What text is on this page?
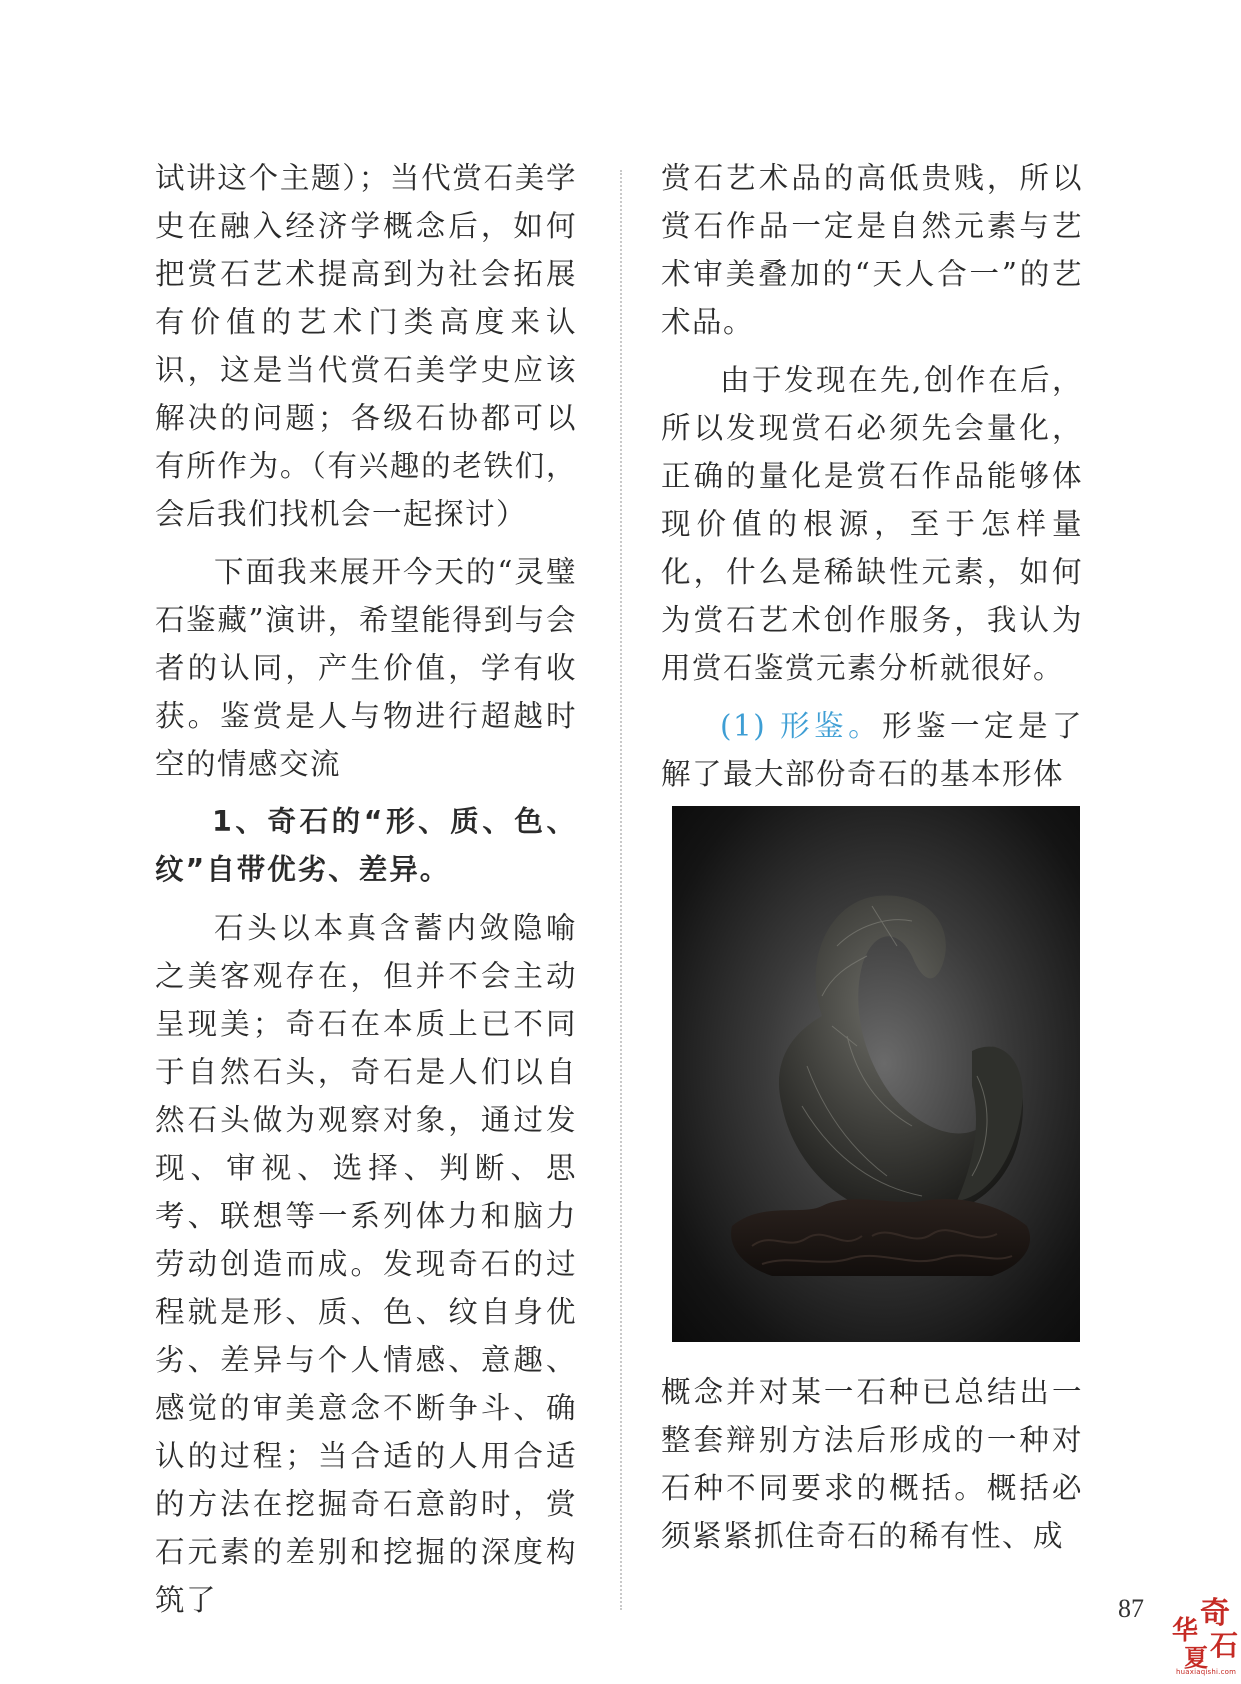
试讲这个主题）；当代赏石美学史在融入经济学概念后，如何把赏石艺术提高到为社会拓展有价值的艺术门类高度来认识，这是当代赏石美学史应该解决的问题；各级石协都可以有所作为。（有兴趣的老铁们，会后我们找机会一起探讨）

下面我来展开今天的“灵璧石鉴藏”演讲，希望能得到与会者的认同，产生价值，学有收获。鉴赏是人与物进行超越时空的情感交流

1、奇石的“形、质、色、纹”自带优劣、差异。

石头以本真含蓄内敛隐喻之美客观存在，但并不会主动呈现美；奇石在本质上已不同于自然石头，奇石是人们以自然石头做为观察对象，通过发现、审视、选择、判断、思考、联想等一系列体力和脑力劳动创造而成。发现奇石的过程就是形、质、色、纹自身优劣、差异与个人情感、意趣、感觉的审美意念不断争斗、确认的过程；当合适的人用合适的方法在挖掘奇石意韵时，赏石元素的差别和挖掘的深度构筑了

赏石艺术品的高低贵贱，所以赏石作品一定是自然元素与艺术审美叠加的“天人合一”的艺术品。

由于发现在先,创作在后，所以发现赏石必须先会量化，正确的量化是赏石作品能够体现价值的根源，至于怎样量化，什么是稀缺性元素，如何为赏石艺术创作服务，我认为用赏石鉴赏元素分析就很好。

(1) 形鉴。形鉴一定是了解了最大部份奇石的基本形体

概念并对某一石种已总结出一整套辩别方法后形成的一种对石种不同要求的概括。概括必须紧紧抓住奇石的稀有性、成

87
华 奇
夏 石
huaxiaqishi.com
